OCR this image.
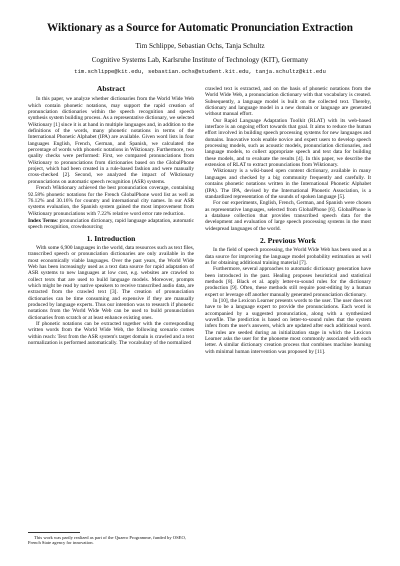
Wiktionary as a Source for Automatic Pronunciation Extraction
Tim Schlippe, Sebastian Ochs, Tanja Schultz
Cognitive Systems Lab, Karlsruhe Institute of Technology (KIT), Germany
tim.schlippe@kit.edu, sebastian.ochs@student.kit.edu, tanja.schultz@kit.edu
Abstract

In this paper, we analyze whether dictionaries from the World Wide Web which contain phonetic notations, may support the rapid creation of pronunciation dictionaries within the speech recognition and speech synthesis system building process. As a representative dictionary, we selected Wiktionary [1] since it is at hand in multiple languages and, in addition to the definitions of the words, many phonetic notations in terms of the International Phonetic Alphabet (IPA) are available. Given word lists in four languages English, French, German, and Spanish, we calculated the percentage of words with phonetic notations in Wiktionary. Furthermore, two quality checks were performed: First, we compared pronunciations from Wiktionary to pronunciations from dictionaries based on the GlobalPhone project, which had been created in a rule-based fashion and were manually cross-checked [2]. Second, we analyzed the impact of Wiktionary pronunciations on automatic speech recognition (ASR) systems.

French Wiktionary achieved the best pronunciation coverage, containing 92.58% phonetic notations for the French GlobalPhone word list as well as 76.12% and 30.16% for country and international city names. In our ASR systems evaluation, the Spanish system gained the most improvement from Wiktionary pronunciations with 7.22% relative word error rate reduction.

Index Terms: pronunciation dictionary, rapid language adaptation, automatic speech recognition, crowdsourcing

1. Introduction

With some 6,900 languages in the world, data resources such as text files, transcribed speech or pronunciation dictionaries are only available in the most economically viable languages. Over the past years, the World Wide Web has been increasingly used as a text data source for rapid adaptation of ASR systems to new languages at low cost, e.g. websites are crawled to collect texts that are used to build language models. Moreover, prompts which might be read by native speakers to receive transcribed audio data, are extracted from the crawled text [3]. The creation of pronunciation dictionaries can be time consuming and expensive if they are manually produced by language experts. Thus our intention was to research if phonetic notations from the World Wide Web can be used to build pronunciation dictionaries from scratch or at least enhance existing ones.

If phonetic notations can be extracted together with the corresponding written words from the World Wide Web, the following scenario comes within reach: Text from the ASR system's target domain is crawled and a text normalization is performed automatically. The vocabulary of the normalized

This work was partly realized as part of the Quaero Programme, funded by OSEO, French State agency for innovation.

crawled text is extracted, and on the basis of phonetic notations from the World Wide Web, a pronunciation dictionary with that vocabulary is created. Subsequently, a language model is built on the collected text. Thereby, dictionary and language model in a new domain or language are generated without manual effort.

Our Rapid Language Adaptation Toolkit (RLAT) with its web-based interface is an ongoing effort towards that goal. It aims to reduce the human effort involved in building speech processing systems for new languages and domains. Innovative tools enable novice and expert users to develop speech processing models, such as acoustic models, pronunciation dictionaries, and language models, to collect appropriate speech and text data for building these models, and to evaluate the results [4]. In this paper, we describe the extension of RLAT to extract pronunciations from Wiktionary.

Wiktionary is a wiki-based open content dictionary, available in many languages and checked by a big community frequently and carefully. It contains phonetic notations written in the International Phonetic Alphabet (IPA). The IPA, devised by the International Phonetic Association, is a standardized representation of the sounds of spoken language [5].

For our experiments, English, French, German, and Spanish were chosen as representative languages, selected from GlobalPhone [6]. GlobalPhone is a database collection that provides transcribed speech data for the development and evaluation of large speech processing systems in the most widespread languages of the world.

2. Previous Work

In the field of speech processing, the World Wide Web has been used as a data source for improving the language model probability estimation as well as for obtaining additional training material [7].

Furthermore, several approaches to automatic dictionary generation have been introduced in the past. Healing proposes heuristical and statistical methods [8]. Black et al. apply letter-to-sound rules for the dictionary production [9]. Often, these methods still require post-editing by a human expert or leverage off another manually generated pronunciation dictionary.

In [10], the Lexicon Learner presents words to the user. The user does not have to be a language expert to provide the pronunciations. Each word is accompanied by a suggested pronunciation, along with a synthesized wavefile. The prediction is based on letter-to-sound rules that the system infers from the user's answers, which are updated after each additional word. The rules are seeded during an initialization stage in which the Lexicon Learner asks the user for the phoneme most commonly associated with each letter. A similar dictionary creation process that combines machine learning with minimal human intervention was proposed by [11].
